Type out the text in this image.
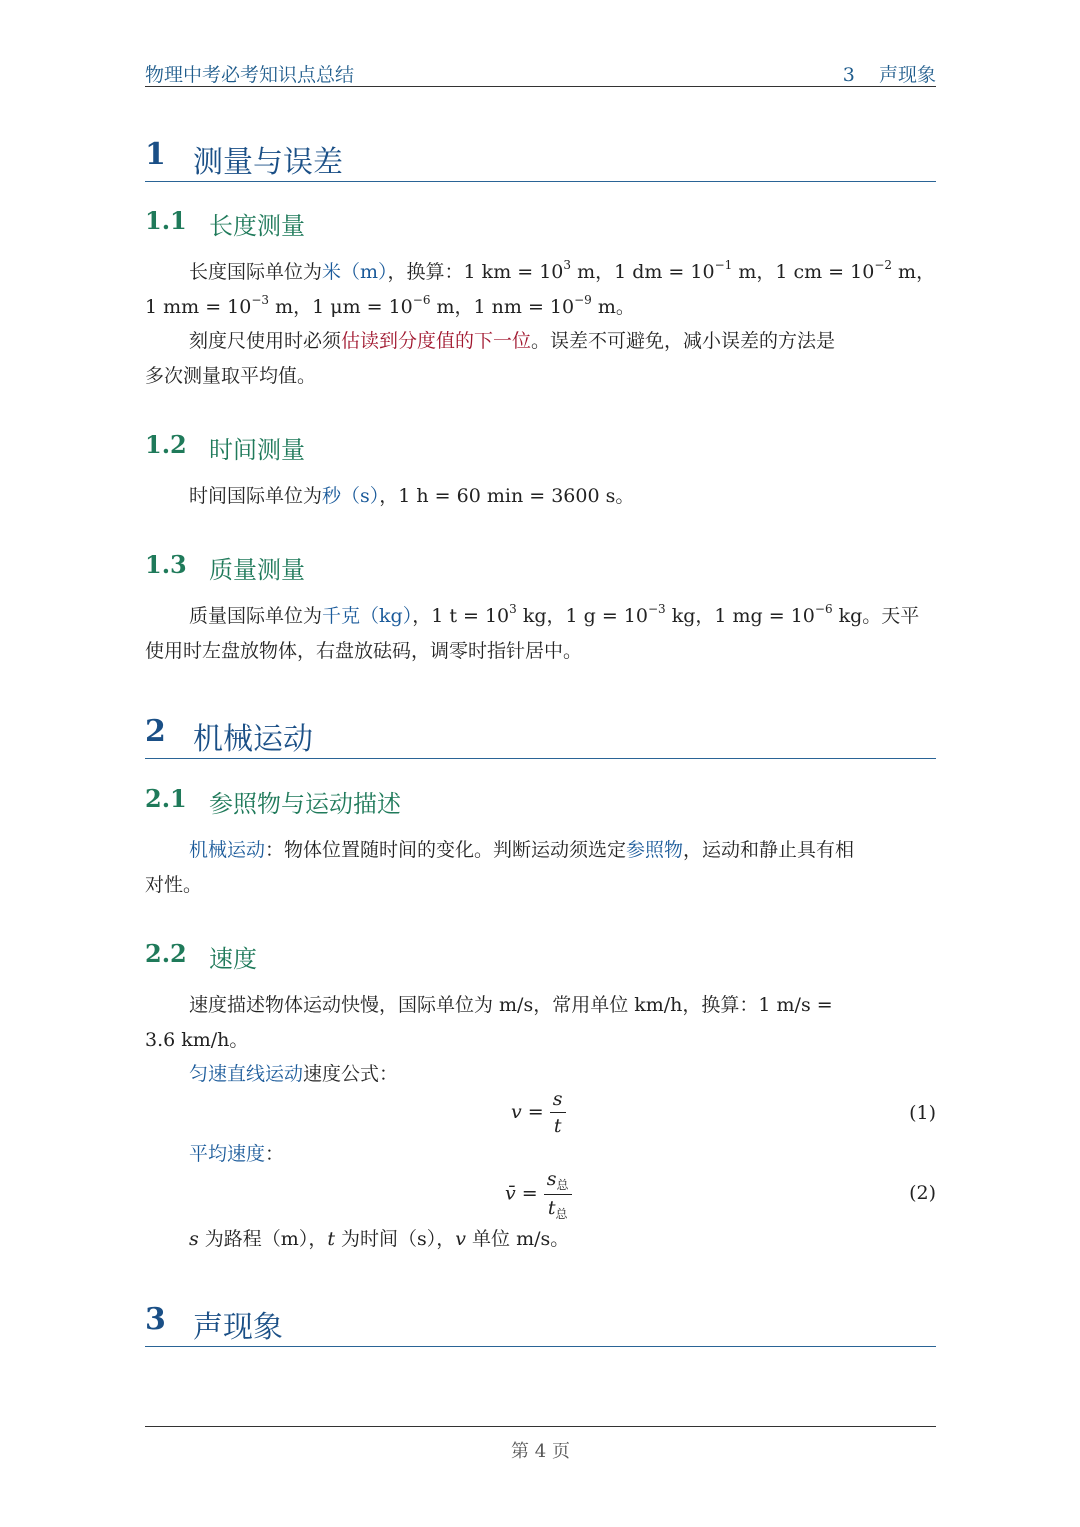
物理中考必考知识点总结	3    声现象
1 测量与误差
1.1 长度测量
长度国际单位为米（m），换算：1 km = $10^3$ m，1 dm = $10^{-1}$ m，1 cm = $10^{-2}$ m，
1 mm = $10^{-3}$ m，1 $\mu m = 10^{-6}$ m，1 nm = $10^{-9}$ m。
刻度尺使用时必须估读到分度值的下一位。误差不可避免，减小误差的方法是
多次测量取平均值。
1.2 时间测量
时间国际单位为秒（s），1 h = 60 min = 3600 s。
1.3 质量测量
质量国际单位为千克（kg），1 $t = 10^3$ kg，1 $g = 10^{-3}$ kg，1 mg = $10^{-6}$ kg。天平
使用时左盘放物体，右盘放砝码，调零时指针居中。
2 机械运动
2.1 参照物与运动描述
机械运动：物体位置随时间的变化。判断运动须选定参照物，运动和静止具有相
对性。
2.2 速度
速度描述物体运动快慢，国际单位为 m/s，常用单位 km/h，换算：1 m/s =
3.6 km/h。
匀速直线运动速度公式：
$v = \frac{s}{t}$	(1)
平均速度：
v̄ = $\frac{s_总}{t_总}$	(2)
s 为路程（m），t 为时间（s），v 单位 m/s。
3 声现象
第 4 页
